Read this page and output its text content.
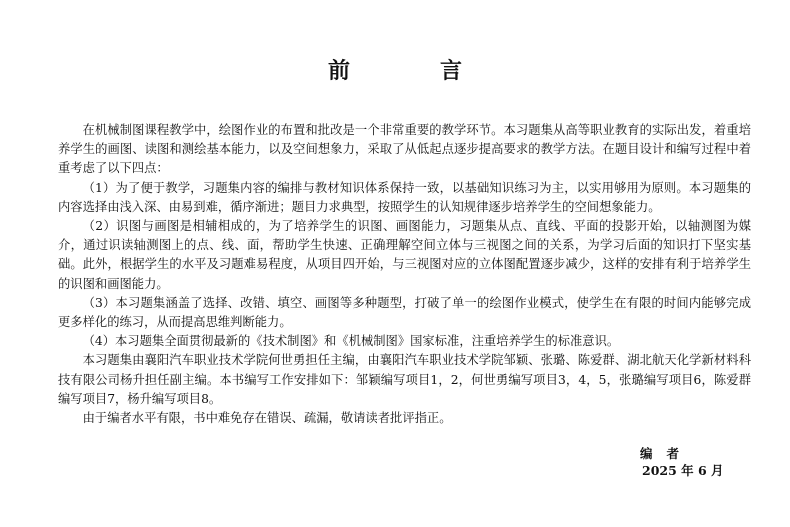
前　言

在机械制图课程教学中，绘图作业的布置和批改是一个非常重要的教学环节。本习题集从高等职业教育的实际出发，着重培养学生的画图、读图和测绘基本能力，以及空间想象力，采取了从低起点逐步提高要求的教学方法。在题目设计和编写过程中着重考虑了以下四点：

（1）为了便于教学，习题集内容的编排与教材知识体系保持一致，以基础知识练习为主，以实用够用为原则。本习题集的内容选择由浅入深、由易到难，循序渐进；题目力求典型，按照学生的认知规律逐步培养学生的空间想象能力。

（2）识图与画图是相辅相成的，为了培养学生的识图、画图能力，习题集从点、直线、平面的投影开始，以轴测图为媒介，通过识读轴测图上的点、线、面，帮助学生快速、正确理解空间立体与三视图之间的关系，为学习后面的知识打下坚实基础。此外，根据学生的水平及习题难易程度，从项目四开始，与三视图对应的立体图配置逐步减少，这样的安排有利于培养学生的识图和画图能力。

（3）本习题集涵盖了选择、改错、填空、画图等多种题型，打破了单一的绘图作业模式，使学生在有限的时间内能够完成更多样化的练习，从而提高思维判断能力。

（4）本习题集全面贯彻最新的《技术制图》和《机械制图》国家标准，注重培养学生的标准意识。

本习题集由襄阳汽车职业技术学院何世勇担任主编，由襄阳汽车职业技术学院邹颖、张璐、陈爱群、湖北航天化学新材料科技有限公司杨升担任副主编。本书编写工作安排如下：邹颖编写项目1，2，何世勇编写项目3，4，5，张璐编写项目6，陈爱群编写项目7，杨升编写项目8。

由于编者水平有限，书中难免存在错误、疏漏，敬请读者批评指正。

编者
2025 年 6 月
